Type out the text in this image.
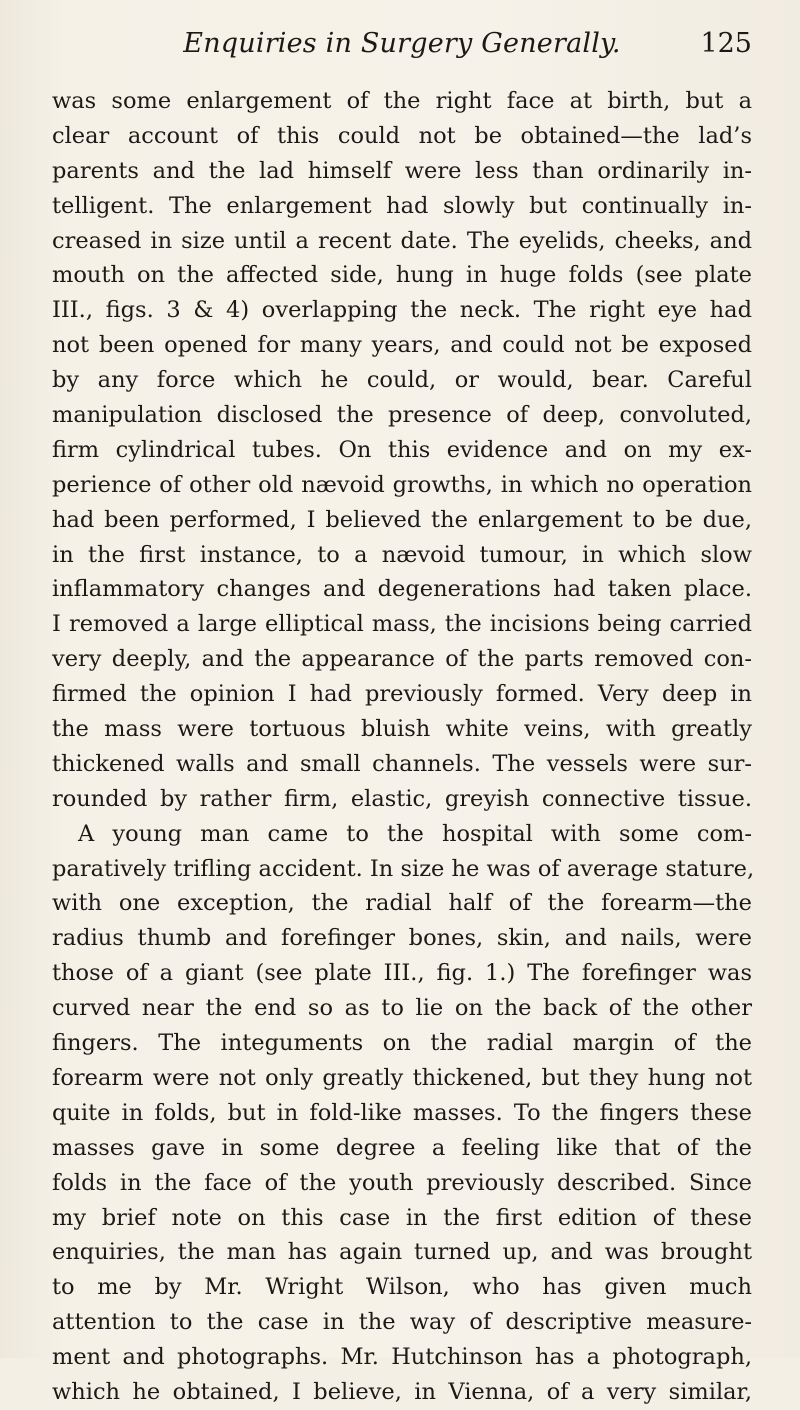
Enquiries in Surgery Generally.	125
was some enlargement of the right face at birth, but a
clear account of this could not be obtained—the lad’s
parents and the lad himself were less than ordinarily in-
telligent. The enlargement had slowly but continually in-
creased in size until a recent date. The eyelids, cheeks, and
mouth on the affected side, hung in huge folds (see plate
III., figs. 3 & 4) overlapping the neck. The right eye had
not been opened for many years, and could not be exposed
by any force which he could, or would, bear. Careful
manipulation disclosed the presence of deep, convoluted,
firm cylindrical tubes. On this evidence and on my ex-
perience of other old nævoid growths, in which no operation
had been performed, I believed the enlargement to be due,
in the first instance, to a nævoid tumour, in which slow
inflammatory changes and degenerations had taken place.
I removed a large elliptical mass, the incisions being carried
very deeply, and the appearance of the parts removed con-
firmed the opinion I had previously formed. Very deep in
the mass were tortuous bluish white veins, with greatly
thickened walls and small channels. The vessels were sur-
rounded by rather firm, elastic, greyish connective tissue.
A young man came to the hospital with some com-
paratively trifling accident. In size he was of average stature,
with one exception, the radial half of the forearm—the
radius thumb and forefinger bones, skin, and nails, were
those of a giant (see plate III., fig. 1.) The forefinger was
curved near the end so as to lie on the back of the other
fingers. The integuments on the radial margin of the
forearm were not only greatly thickened, but they hung not
quite in folds, but in fold-like masses. To the fingers these
masses gave in some degree a feeling like that of the
folds in the face of the youth previously described. Since
my brief note on this case in the first edition of these
enquiries, the man has again turned up, and was brought
to me by Mr. Wright Wilson, who has given much
attention to the case in the way of descriptive measure-
ment and photographs. Mr. Hutchinson has a photograph,
which he obtained, I believe, in Vienna, of a very similar,
